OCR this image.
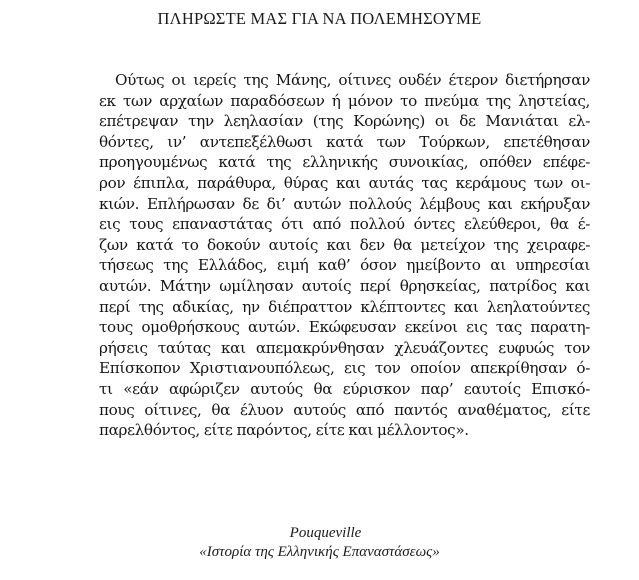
ΠΛΗΡΩΣΤΕ ΜΑΣ ΓΙΑ ΝΑ ΠΟΛΕΜΗΣΟΥΜΕ
Ούτως οι ιερείς της Μάνης, οίτινες ουδέν έτερον διετήρησαν
εκ των αρχαίων παραδόσεων ή μόνον το πνεύμα της ληστείας,
επέτρεψαν την λεηλασίαν (της Κορώνης) οι δε Μανιάται ελ-
θόντες, ιν’ αντεπεξέλθωσι κατά των Τούρκων, επετέθησαν
προηγουμένως κατά της ελληνικής συνοικίας, οπόθεν επέφε-
ρον έπιπλα, παράθυρα, θύρας και αυτάς τας κεράμους των οι-
κιών. Επλήρωσαν δε δι’ αυτών πολλούς λέμβους και εκήρυξαν
εις τους επαναστάτας ότι από πολλού όντες ελεύθεροι, θα έ-
ζων κατά το δοκούν αυτοίς και δεν θα μετείχον της χειραφε-
τήσεως της Ελλάδος, ειμή καθ’ όσον ημείβοντο αι υπηρεσίαι
αυτών. Μάτην ωμίλησαν αυτοίς περί θρησκείας, πατρίδος και
περί της αδικίας, ην διέπραττον κλέπτοντες και λεηλατούντες
τους ομοθρήσκους αυτών. Εκώφευσαν εκείνοι εις τας παρατη-
ρήσεις ταύτας και απεμακρύνθησαν χλευάζοντες ευφυώς τον
Επίσκοπον Χριστιανουπόλεως, εις τον οποίον απεκρίθησαν ό-
τι «εάν αφώριζεν αυτούς θα εύρισκον παρ’ εαυτοίς Επισκό-
πους οίτινες, θα έλυον αυτούς από παντός αναθέματος, είτε
παρελθόντος, είτε παρόντος, είτε και μέλλοντος».
Pouqueville
«Ιστορία της Ελληνικής Επαναστάσεως»
